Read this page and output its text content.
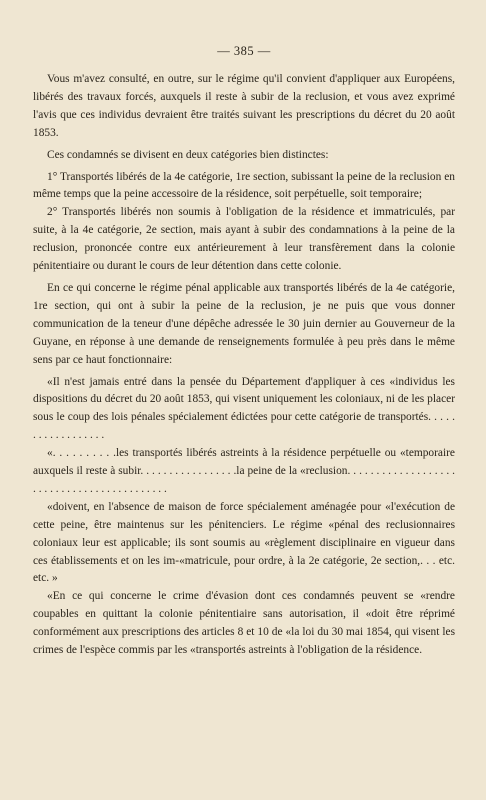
— 385 —

Vous m'avez consulté, en outre, sur le régime qu'il convient d'appliquer aux Européens, libérés des travaux forcés, auxquels il reste à subir de la reclusion, et vous avez exprimé l'avis que ces individus devraient être traités suivant les prescriptions du décret du 20 août 1853.

Ces condamnés se divisent en deux catégories bien distinctes:

1° Transportés libérés de la 4e catégorie, 1re section, subissant la peine de la reclusion en même temps que la peine accessoire de la résidence, soit perpétuelle, soit temporaire;

2° Transportés libérés non soumis à l'obligation de la résidence et immatriculés, par suite, à la 4e catégorie, 2e section, mais ayant à subir des condamnations à la peine de la reclusion, prononcée contre eux antérieurement à leur transfèrement dans la colonie pénitentiaire ou durant le cours de leur détention dans cette colonie.

En ce qui concerne le régime pénal applicable aux transportés libérés de la 4e catégorie, 1re section, qui ont à subir la peine de la reclusion, je ne puis que vous donner communication de la teneur d'une dépêche adressée le 30 juin dernier au Gouverneur de la Guyane, en réponse à une demande de renseignements formulée à peu près dans le même sens par ce haut fonctionnaire:

«Il n'est jamais entré dans la pensée du Département d'appliquer à ces «individus les dispositions du décret du 20 août 1853, qui visent uniquement les coloniaux, ni de les placer sous le coup des lois pénales spécialement édictées pour cette catégorie de transportés. . . . . . . . . . . . . . . . . .

«. . . . . . . . . .les transportés libérés astreints à la résidence perpétuelle ou «temporaire auxquels il reste à subir. . . . . . . . . . . . . . . . .la peine de la «reclusion. . . . . . . . . . . . . . . . . . . . . . . . . . . . . . . . . . . . . . . . . . .

«doivent, en l'absence de maison de force spécialement aménagée pour «l'exécution de cette peine, être maintenus sur les pénitenciers. Le régime «pénal des reclusionnaires coloniaux leur est applicable; ils sont soumis au «règlement disciplinaire en vigueur dans ces établissements et on les im-«matricule, pour ordre, à la 2e catégorie, 2e section,. . . etc. etc. »

«En ce qui concerne le crime d'évasion dont ces condamnés peuvent se «rendre coupables en quittant la colonie pénitentiaire sans autorisation, il «doit être réprimé conformément aux prescriptions des articles 8 et 10 de «la loi du 30 mai 1854, qui visent les crimes de l'espèce commis par les «transportés astreints à l'obligation de la résidence.
